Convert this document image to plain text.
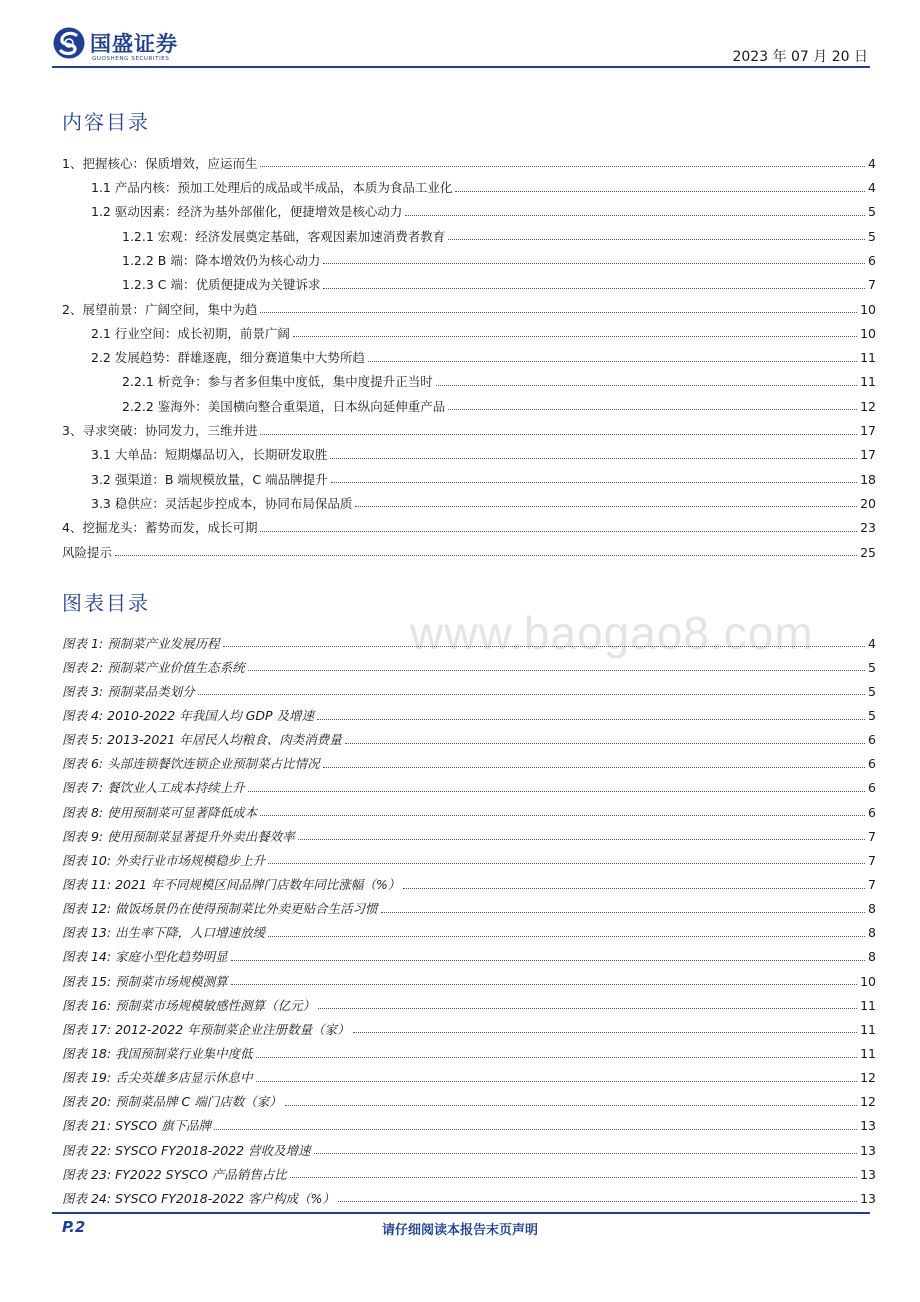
国盛证券
GUOSHENG SECURITIES	2023 年 07 月 20 日
内容目录
1、把握核心：保质增效，应运而生	4
1.1 产品内核：预加工处理后的成品或半成品，本质为食品工业化	4
1.2 驱动因素：经济为基外部催化，便捷增效是核心动力	5
1.2.1 宏观：经济发展奠定基础，客观因素加速消费者教育	5
1.2.2 B 端：降本增效仍为核心动力	6
1.2.3 C 端：优质便捷成为关键诉求	7
2、展望前景：广阔空间，集中为趋	10
2.1 行业空间：成长初期，前景广阔	10
2.2 发展趋势：群雄逐鹿，细分赛道集中大势所趋	11
2.2.1 析竞争：参与者多但集中度低，集中度提升正当时	11
2.2.2 鉴海外：美国横向整合重渠道，日本纵向延伸重产品	12
3、寻求突破：协同发力，三维并进	17
3.1 大单品：短期爆品切入，长期研发取胜	17
3.2 强渠道：B 端规模放量，C 端品牌提升	18
3.3 稳供应：灵活起步控成本，协同布局保品质	20
4、挖掘龙头：蓄势而发，成长可期	23
风险提示	25
图表目录
www.baogao8.com
图表 1: 预制菜产业发展历程	4
图表 2: 预制菜产业价值生态系统	5
图表 3: 预制菜品类划分	5
图表 4: 2010-2022 年我国人均 GDP 及增速	5
图表 5: 2013-2021 年居民人均粮食、肉类消费量	6
图表 6: 头部连锁餐饮连锁企业预制菜占比情况	6
图表 7: 餐饮业人工成本持续上升	6
图表 8: 使用预制菜可显著降低成本	6
图表 9: 使用预制菜显著提升外卖出餐效率	7
图表 10: 外卖行业市场规模稳步上升	7
图表 11: 2021 年不同规模区间品牌门店数年同比涨幅（%）	7
图表 12: 做饭场景仍在使得预制菜比外卖更贴合生活习惯	8
图表 13: 出生率下降，人口增速放缓	8
图表 14: 家庭小型化趋势明显	8
图表 15: 预制菜市场规模测算	10
图表 16: 预制菜市场规模敏感性测算（亿元）	11
图表 17: 2012-2022 年预制菜企业注册数量（家）	11
图表 18: 我国预制菜行业集中度低	11
图表 19: 舌尖英雄多店显示休息中	12
图表 20: 预制菜品牌 C 端门店数（家）	12
图表 21: SYSCO 旗下品牌	13
图表 22: SYSCO FY2018-2022 营收及增速	13
图表 23: FY2022 SYSCO 产品销售占比	13
图表 24: SYSCO FY2018-2022 客户构成（%）	13
P.2	请仔细阅读本报告末页声明
